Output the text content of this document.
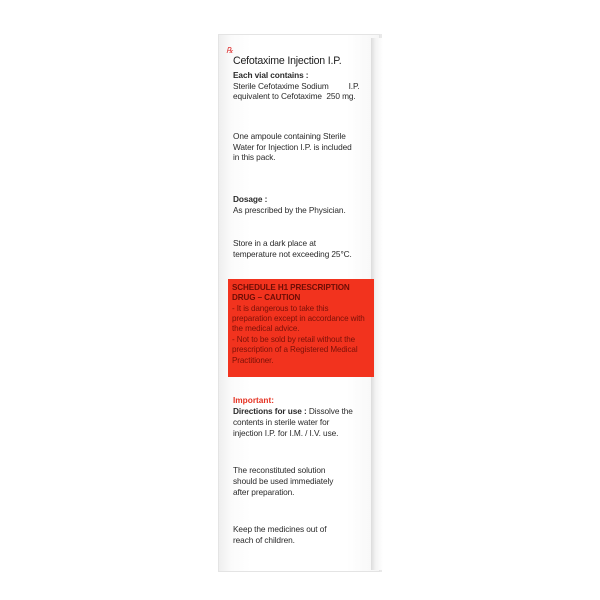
℞
Cefotaxime Injection I.P.
Each vial contains :
Sterile Cefotaxime Sodium         I.P.
equivalent to Cefotaxime  250 mg.
One ampoule containing Sterile
Water for Injection I.P. is included
in this pack.
Dosage :
As prescribed by the Physician.
Store in a dark place at
temperature not exceeding 25°C.
SCHEDULE H1 PRESCRIPTION
DRUG – CAUTION
- It is dangerous to take this
preparation except in accordance with
the medical advice.
- Not to be sold by retail without the
prescription of a Registered Medical
Practitioner.
Important:
Directions for use : Dissolve the
contents in sterile water for
injection I.P. for I.M. / I.V. use.
The reconstituted solution
should be used immediately
after preparation.
Keep the medicines out of
reach of children.
